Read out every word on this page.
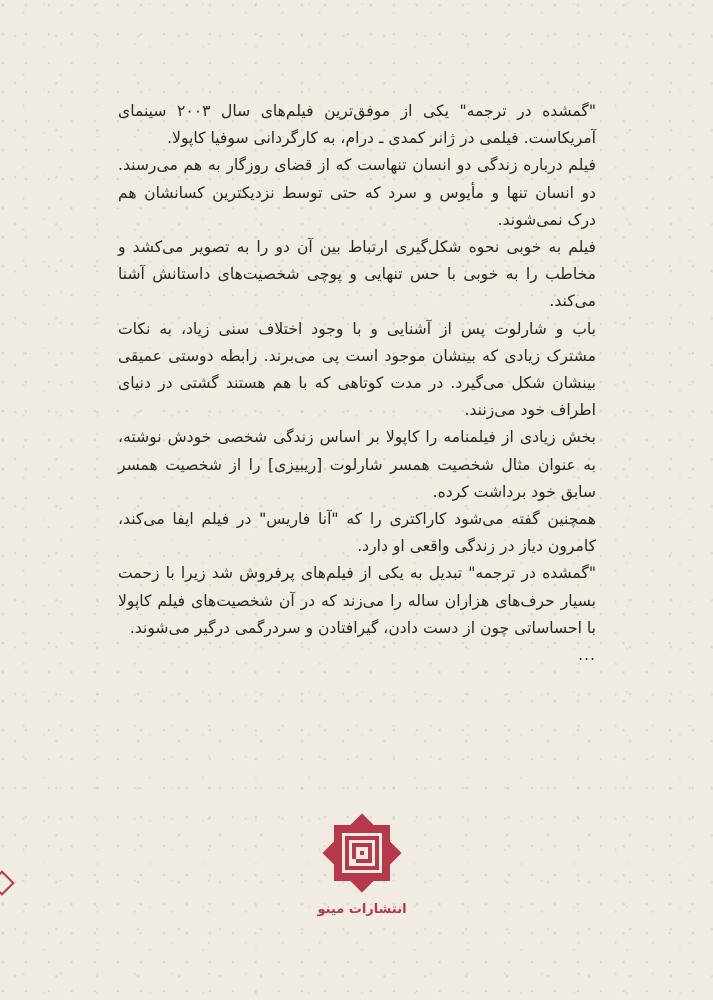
"گمشده در ترجمه" یکی از موفق‌ترین فیلم‌های سال ۲۰۰۳ سینمای آمریکاست. فیلمی در ژانر کمدی ـ درام، به کارگردانی سوفیا کاپولا.

فیلم درباره زندگی دو انسان تنهاست که از قضای روزگار به هم می‌رسند. دو انسان تنها و مأیوس و سرد که حتی توسط نزدیکترین کسانشان هم درک نمی‌شوند.

فیلم به خوبی نحوه شکل‌گیری ارتباط بین آن دو را به تصویر می‌کشد و مخاطب را به خوبی با حس تنهایی و پوچی شخصیت‌های داستانش آشنا می‌کند.

باب و شارلوت پس از آشنایی و با وجود اختلاف سنی زیاد، به نکات مشترک زیادی که بینشان موجود است پی می‌برند. رابطه دوستی عمیقی بینشان شکل می‌گیرد. در مدت کوتاهی که با هم هستند گشتی در دنیای اطراف خود می‌زنند.

بخش زیادی از فیلمنامه را کاپولا بر اساس زندگی شخصی خودش نوشته، به عنوان مثال شخصیت همسر شارلوت [ریبیزی] را از شخصیت همسر سابق خود برداشت کرده.

همچنین گفته می‌شود کاراکتری را که "آنا فاریس" در فیلم ایفا می‌کند، کامرون دیاز در زندگی واقعی او دارد.

"گمشده در ترجمه" تبدیل به یکی از فیلم‌های پرفروش شد زیرا با زحمت بسیار حرف‌های هزاران ساله را می‌زند که در آن شخصیت‌های فیلم کاپولا با احساساتی چون از دست دادن، گیرافتادن و سردرگمی درگیر می‌شوند.

...

انتشارات مینو
